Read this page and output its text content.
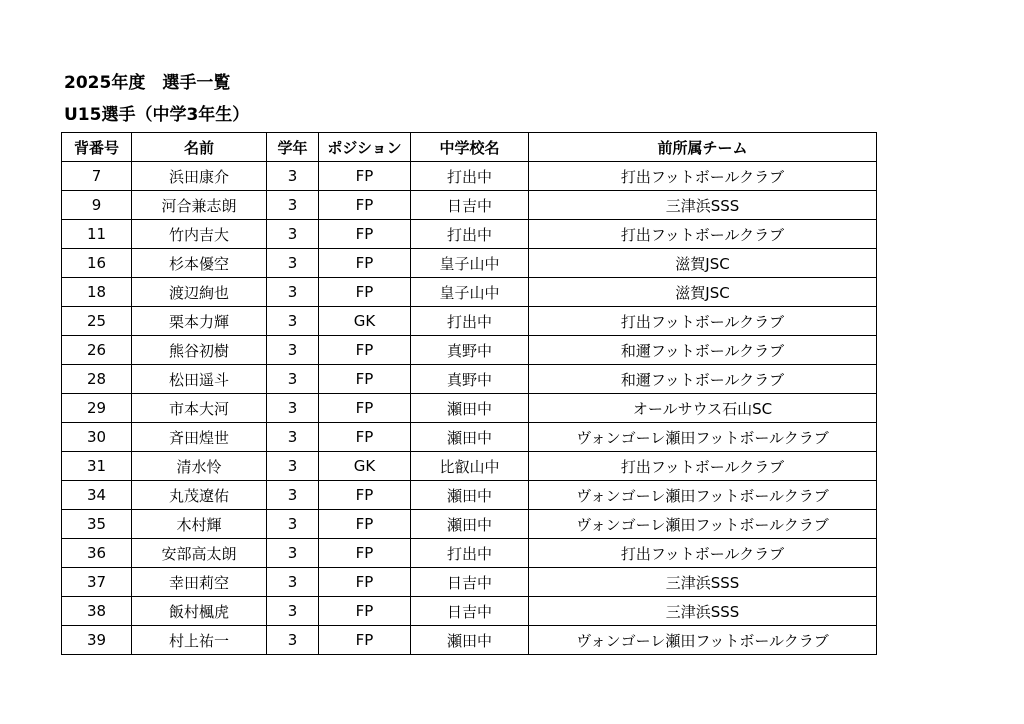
2025年度　選手一覧
U15選手（中学3年生）
背番号	名前	学年	ポジション	中学校名	前所属チーム
7	浜田康介	3	FP	打出中	打出フットボールクラブ
9	河合兼志朗	3	FP	日吉中	三津浜SSS
11	竹内吉大	3	FP	打出中	打出フットボールクラブ
16	杉本優空	3	FP	皇子山中	滋賀JSC
18	渡辺絢也	3	FP	皇子山中	滋賀JSC
25	栗本力輝	3	GK	打出中	打出フットボールクラブ
26	熊谷初樹	3	FP	真野中	和邇フットボールクラブ
28	松田遥斗	3	FP	真野中	和邇フットボールクラブ
29	市本大河	3	FP	瀬田中	オールサウス石山SC
30	斉田煌世	3	FP	瀬田中	ヴォンゴーレ瀬田フットボールクラブ
31	清水怜	3	GK	比叡山中	打出フットボールクラブ
34	丸茂遼佑	3	FP	瀬田中	ヴォンゴーレ瀬田フットボールクラブ
35	木村輝	3	FP	瀬田中	ヴォンゴーレ瀬田フットボールクラブ
36	安部高太朗	3	FP	打出中	打出フットボールクラブ
37	幸田莉空	3	FP	日吉中	三津浜SSS
38	飯村楓虎	3	FP	日吉中	三津浜SSS
39	村上祐一	3	FP	瀬田中	ヴォンゴーレ瀬田フットボールクラブ
